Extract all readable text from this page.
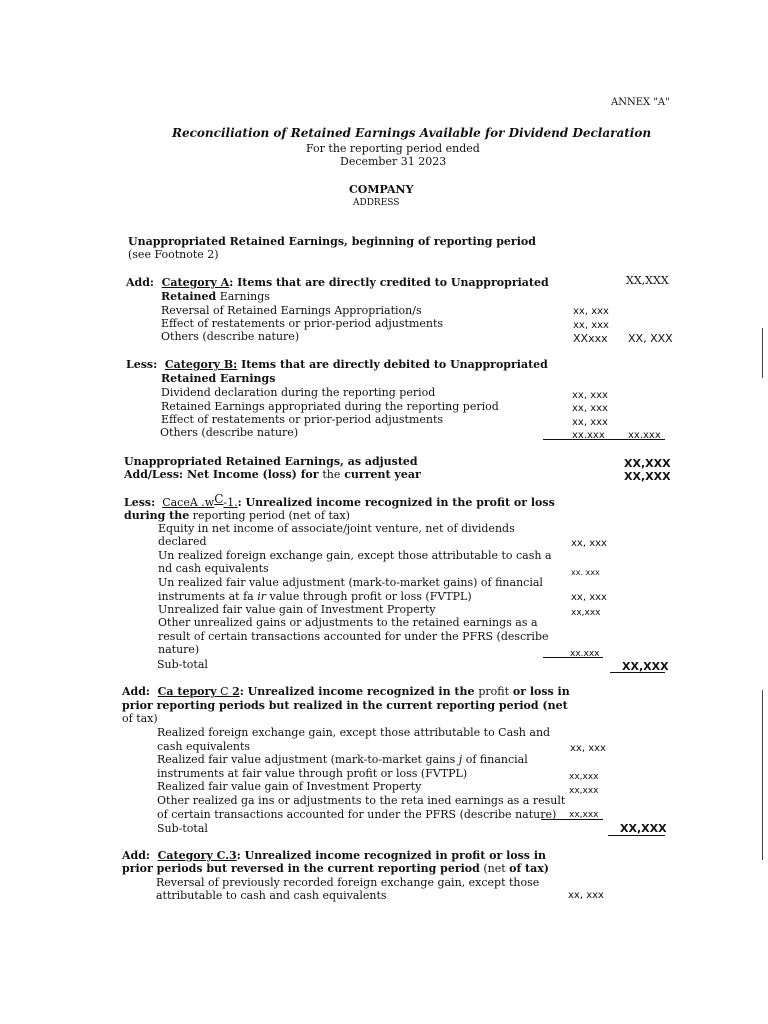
ANNEX "A"
Reconciliation of Retained Earnings Available for Dividend Declaration
For the reporting period ended
December 31 2023
COMPANY
ADDRESS
Unappropriated Retained Earnings, beginning of reporting period
(see Footnote 2)
XX,XXX
Add: Category A: Items that are directly credited to Unappropriated
Retained Earnings
Reversal of Retained Earnings Appropriation/s	xx, xxx
Effect of restatements or prior-period adjustments	xx, xxx
Others (describe nature)	XXxxx XX, XXX
Less: Category B: Items that are directly debited to Unappropriated
Retained Earnings
Dividend declaration during the reporting period	xx, xxx
Retained Earnings appropriated during the reporting period	xx, xxx
Effect of restatements or prior-period adjustments	xx, xxx
Others (describe nature)	xx.xxx xx.xxx
Unappropriated Retained Earnings, as adjusted	XX,XXX
Add/Less: Net Income (loss) for the current year	XX,XXX
Less: CaceA .wC-1.: Unrealized income recognized in the profit or loss
during the reporting period (net of tax)
Equity in net income of associate/joint venture, net of dividends
declared	xx, xxx
Un realized foreign exchange gain, except those attributable to cash a
nd cash equivalents	xx. xxx
Un realized fair value adjustment (mark-to-market gains) of financial
instruments at fa ir value through profit or loss (FVTPL)	xx, xxx
Unrealized fair value gain of Investment Property	xx,xxx
Other unrealized gains or adjustments to the retained earnings as a
result of certain transactions accounted for under the PFRS (describe
nature)	xx.xxx
Sub-total	XX,XXX
Add: Ca tepory C 2: Unrealized income recognized in the profit or loss in
prior reporting periods but realized in the current reporting period (net
of tax)
Realized foreign exchange gain, except those attributable to Cash and
cash equivalents	xx, xxx
Realized fair value adjustment (mark-to-market gains j of financial
instruments at fair value through profit or loss (FVTPL)	xx,xxx
Realized fair value gain of Investment Property	xx,xxx
Other realized ga ins or adjustments to the reta ined earnings as a result
of certain transactions accounted for under the PFRS (describe nature) xx,xxx
Sub-total	XX,XXX
Add: Category C.3: Unrealized income recognized in profit or loss in
prior periods but reversed in the current reporting period (net of tax)
Reversal of previously recorded foreign exchange gain, except those
attributable to cash and cash equivalents	xx, xxx
